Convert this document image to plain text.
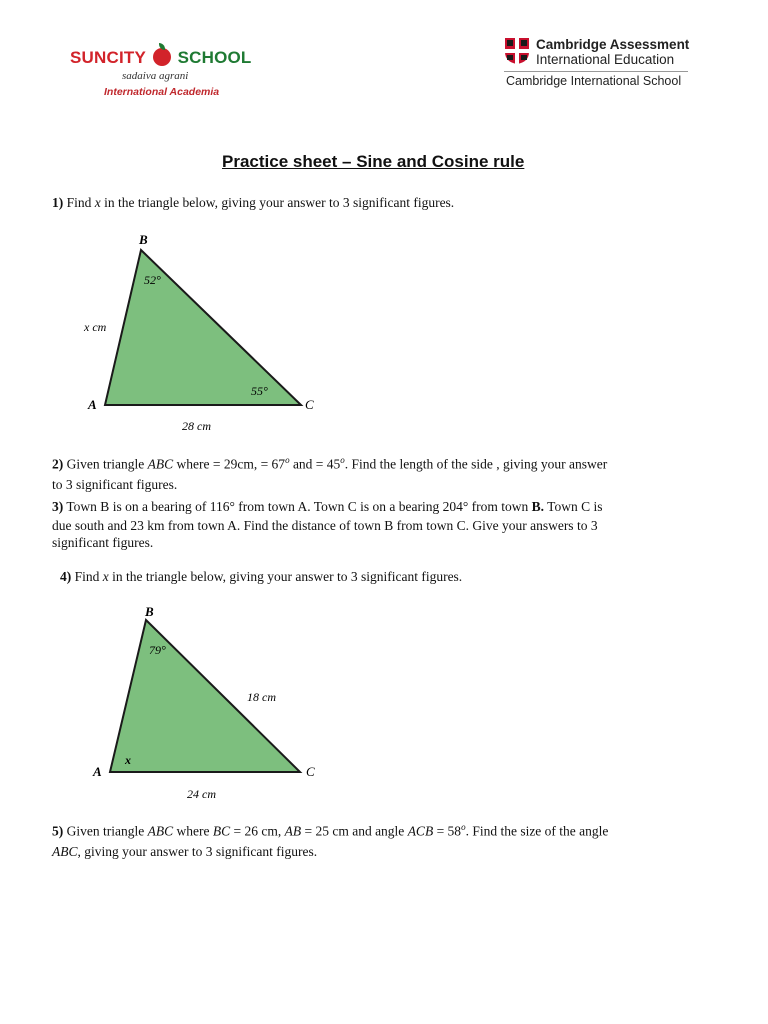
SUNCITY SCHOOL
sadaiva agrani
International Academia
Cambridge Assessment
International Education
Cambridge International School
Practice sheet – Sine and Cosine rule
1) Find x in the triangle below, giving your answer to 3 significant figures.
B
A	C
52°
55°
x cm
28 cm
2) Given triangle ABC where = 29cm, = $67^o$ and = $45^o$. Find the length of the side , giving your answer
to 3 significant figures.
3) Town B is on a bearing of 116° from town A. Town C is on a bearing 204° from town B. Town C is
due south and 23 km from town A. Find the distance of town B from town C. Give your answers to 3
significant figures.
4) Find x in the triangle below, giving your answer to 3 significant figures.
B
A	C
79°
x
18 cm
24 cm
5) Given triangle ABC where BC = 26 cm, AB = 25 cm and angle ACB = $58^o$. Find the size of the angle
ABC, giving your answer to 3 significant figures.
